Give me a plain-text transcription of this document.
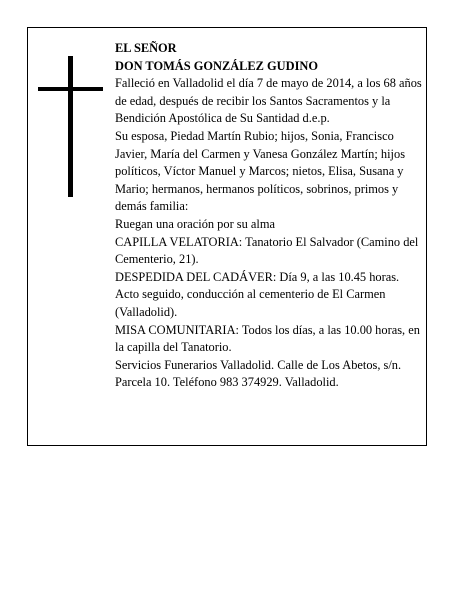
EL SEÑOR

DON TOMÁS GONZÁLEZ GUDINO

Falleció en Valladolid el día 7 de mayo de 2014, a los 68 años de edad, después de recibir los Santos Sacramentos y la Bendición Apostólica de Su Santidad d.e.p.

Su esposa, Piedad Martín Rubio; hijos, Sonia, Francisco Javier, María del Carmen y Vanesa González Martín; hijos políticos, Víctor Manuel y Marcos; nietos, Elisa, Susana y Mario; hermanos, hermanos políticos, sobrinos, primos y demás familia:

Ruegan una oración por su alma

CAPILLA VELATORIA: Tanatorio El Salvador (Camino del Cementerio, 21).

DESPEDIDA DEL CADÁVER: Día 9, a las 10.45 horas. Acto seguido, conducción al cementerio de El Carmen (Valladolid).

MISA COMUNITARIA: Todos los días, a las 10.00 horas, en la capilla del Tanatorio.

Servicios Funerarios Valladolid. Calle de Los Abetos, s/n. Parcela 10. Teléfono 983 374929. Valladolid.
